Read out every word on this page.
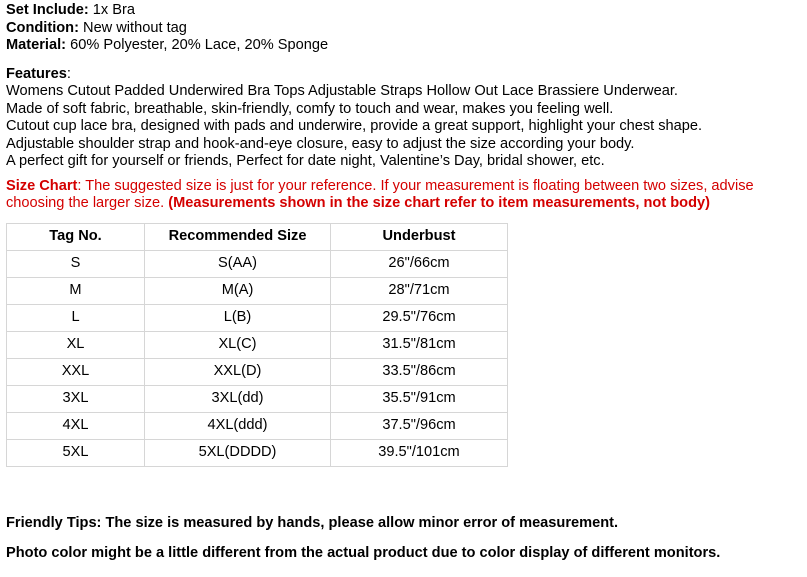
Set Include: 1x Bra
Condition: New without tag
Material: 60% Polyester, 20% Lace, 20% Sponge
Features:
Womens Cutout Padded Underwired Bra Tops Adjustable Straps Hollow Out Lace Brassiere Underwear.
Made of soft fabric, breathable, skin-friendly, comfy to touch and wear, makes you feeling well.
Cutout cup lace bra, designed with pads and underwire, provide a great support, highlight your chest shape.
Adjustable shoulder strap and hook-and-eye closure, easy to adjust the size according your body.
A perfect gift for yourself or friends, Perfect for date night, Valentine’s Day, bridal shower, etc.
Size Chart: The suggested size is just for your reference. If your measurement is floating between two sizes, advise choosing the larger size. (Measurements shown in the size chart refer to item measurements, not body)
Tag No.	Recommended Size	Underbust
S	S(AA)	26"/66cm
M	M(A)	28"/71cm
L	L(B)	29.5"/76cm
XL	XL(C)	31.5"/81cm
XXL	XXL(D)	33.5"/86cm
3XL	3XL(dd)	35.5"/91cm
4XL	4XL(ddd)	37.5"/96cm
5XL	5XL(DDDD)	39.5"/101cm
Friendly Tips: The size is measured by hands, please allow minor error of measurement.
Photo color might be a little different from the actual product due to color display of different monitors.
